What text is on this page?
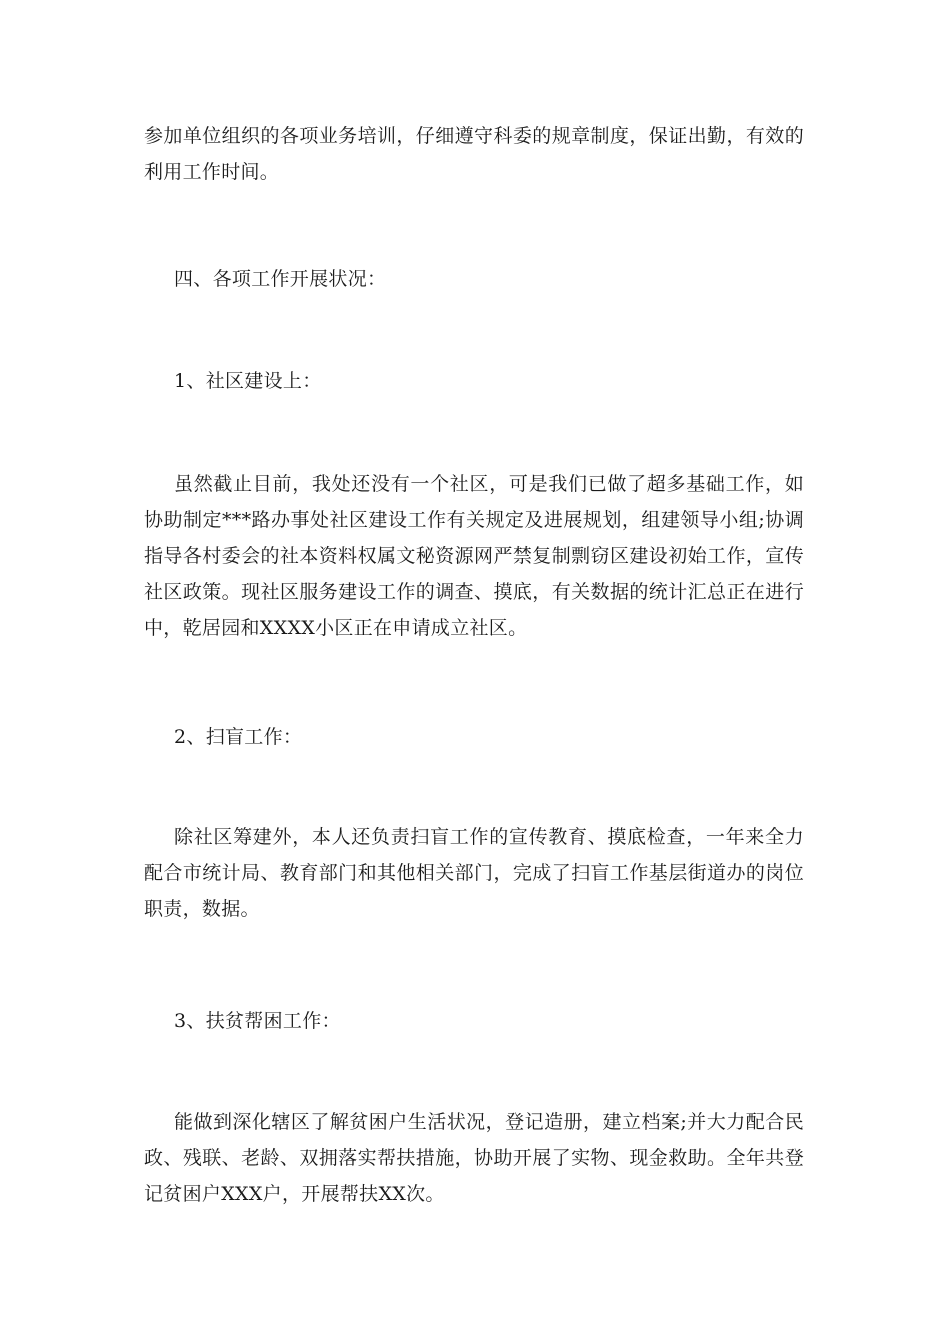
参加单位组织的各项业务培训，仔细遵守科委的规章制度，保证出勤，有效的利用工作时间。

四、各项工作开展状况：

1、社区建设上：

虽然截止目前，我处还没有一个社区，可是我们已做了超多基础工作，如协助制定***路办事处社区建设工作有关规定及进展规划，组建领导小组;协调指导各村委会的社本资料权属文秘资源网严禁复制剽窃区建设初始工作，宣传社区政策。现社区服务建设工作的调查、摸底，有关数据的统计汇总正在进行中，乾居园和XXXX小区正在申请成立社区。

2、扫盲工作：

除社区筹建外，本人还负责扫盲工作的宣传教育、摸底检查，一年来全力配合市统计局、教育部门和其他相关部门，完成了扫盲工作基层街道办的岗位职责，数据。

3、扶贫帮困工作：

能做到深化辖区了解贫困户生活状况，登记造册，建立档案;并大力配合民政、残联、老龄、双拥落实帮扶措施，协助开展了实物、现金救助。全年共登记贫困户XXX户，开展帮扶XX次。
